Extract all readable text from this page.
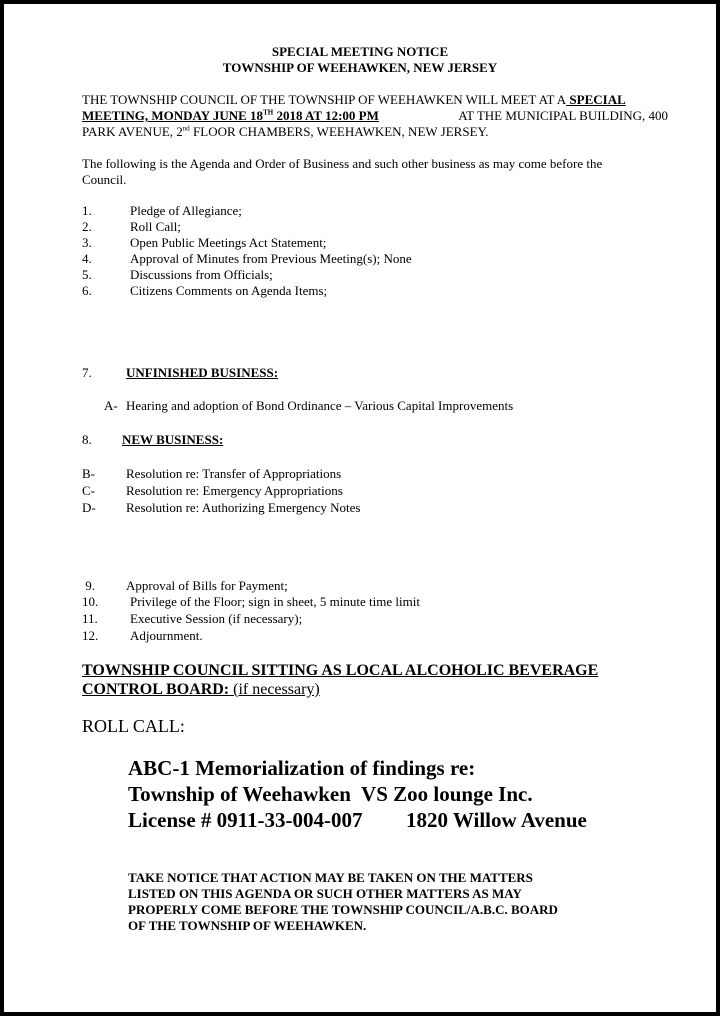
SPECIAL MEETING NOTICE
TOWNSHIP OF WEEHAWKEN, NEW JERSEY
THE TOWNSHIP COUNCIL OF THE TOWNSHIP OF WEEHAWKEN WILL MEET AT A SPECIAL
MEETING, MONDAY JUNE 18TH 2018 AT 12:00 PM	AT THE MUNICIPAL BUILDING, 400
PARK AVENUE, 2nd FLOOR CHAMBERS, WEEHAWKEN, NEW JERSEY.
The following is the Agenda and Order of Business and such other business as may come before the
Council.
1.	Pledge of Allegiance;
2.	Roll Call;
3.	Open Public Meetings Act Statement;
4.	Approval of Minutes from Previous Meeting(s); None
5.	Discussions from Officials;
6.	Citizens Comments on Agenda Items;
7.	UNFINISHED BUSINESS:
A- Hearing and adoption of Bond Ordinance – Various Capital Improvements
8. NEW BUSINESS:
B- Resolution re: Transfer of Appropriations
C- Resolution re: Emergency Appropriations
D- Resolution re: Authorizing Emergency Notes
9. Approval of Bills for Payment;
10. Privilege of the Floor; sign in sheet, 5 minute time limit
11. Executive Session (if necessary);
12. Adjournment.
TOWNSHIP COUNCIL SITTING AS LOCAL ALCOHOLIC BEVERAGE
CONTROL BOARD: (if necessary)
ROLL CALL:
ABC-1 Memorialization of findings re:
Township of Weehawken  VS Zoo lounge Inc.
License # 0911-33-004-007 1820 Willow Avenue
TAKE NOTICE THAT ACTION MAY BE TAKEN ON THE MATTERS
LISTED ON THIS AGENDA OR SUCH OTHER MATTERS AS MAY
PROPERLY COME BEFORE THE TOWNSHIP COUNCIL/A.B.C. BOARD
OF THE TOWNSHIP OF WEEHAWKEN.
